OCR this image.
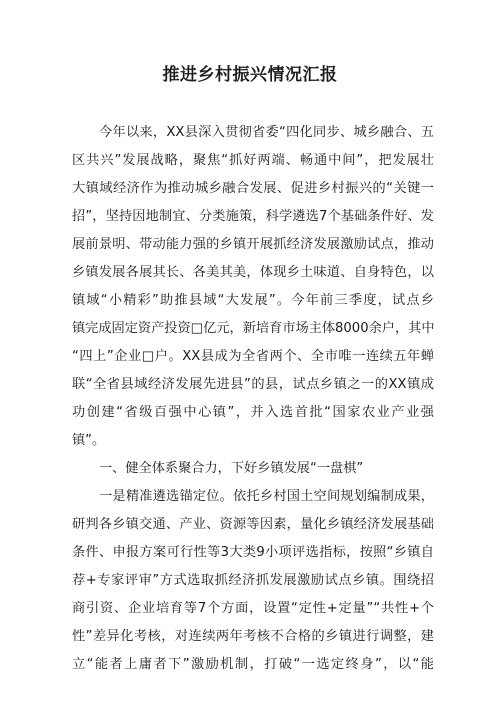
推进乡村振兴情况汇报

今年以来，XX县深入贯彻省委“四化同步、城乡融合、五

区共兴”发展战略，聚焦“抓好两端、畅通中间”，把发展壮

大镇域经济作为推动城乡融合发展、促进乡村振兴的“关键一

招”，坚持因地制宜、分类施策，科学遴选7个基础条件好、发

展前景明、带动能力强的乡镇开展抓经济发展激励试点，推动

乡镇发展各展其长、各美其美，体现乡土味道、自身特色，以

镇域“小精彩”助推县域“大发展”。今年前三季度，试点乡

镇完成固定资产投资□亿元，新培育市场主体8000余户，其中

“四上”企业□户。XX县成为全省两个、全市唯一连续五年蝉

联“全省县域经济发展先进县”的县，试点乡镇之一的XX镇成

功创建“省级百强中心镇”，并入选首批“国家农业产业强

镇”。

一、健全体系聚合力，下好乡镇发展“一盘棋”

一是精准遴选锚定位。依托乡村国土空间规划编制成果，

研判各乡镇交通、产业、资源等因素，量化乡镇经济发展基础

条件、申报方案可行性等3大类9小项评选指标，按照“乡镇自

荐+专家评审”方式选取抓经济抓发展激励试点乡镇。围绕招

商引资、企业培育等7个方面，设置“定性+定量”“共性+个

性”差异化考核，对连续两年考核不合格的乡镇进行调整，建

立“能者上庸者下”激励机制，打破“一选定终身”，以“能
